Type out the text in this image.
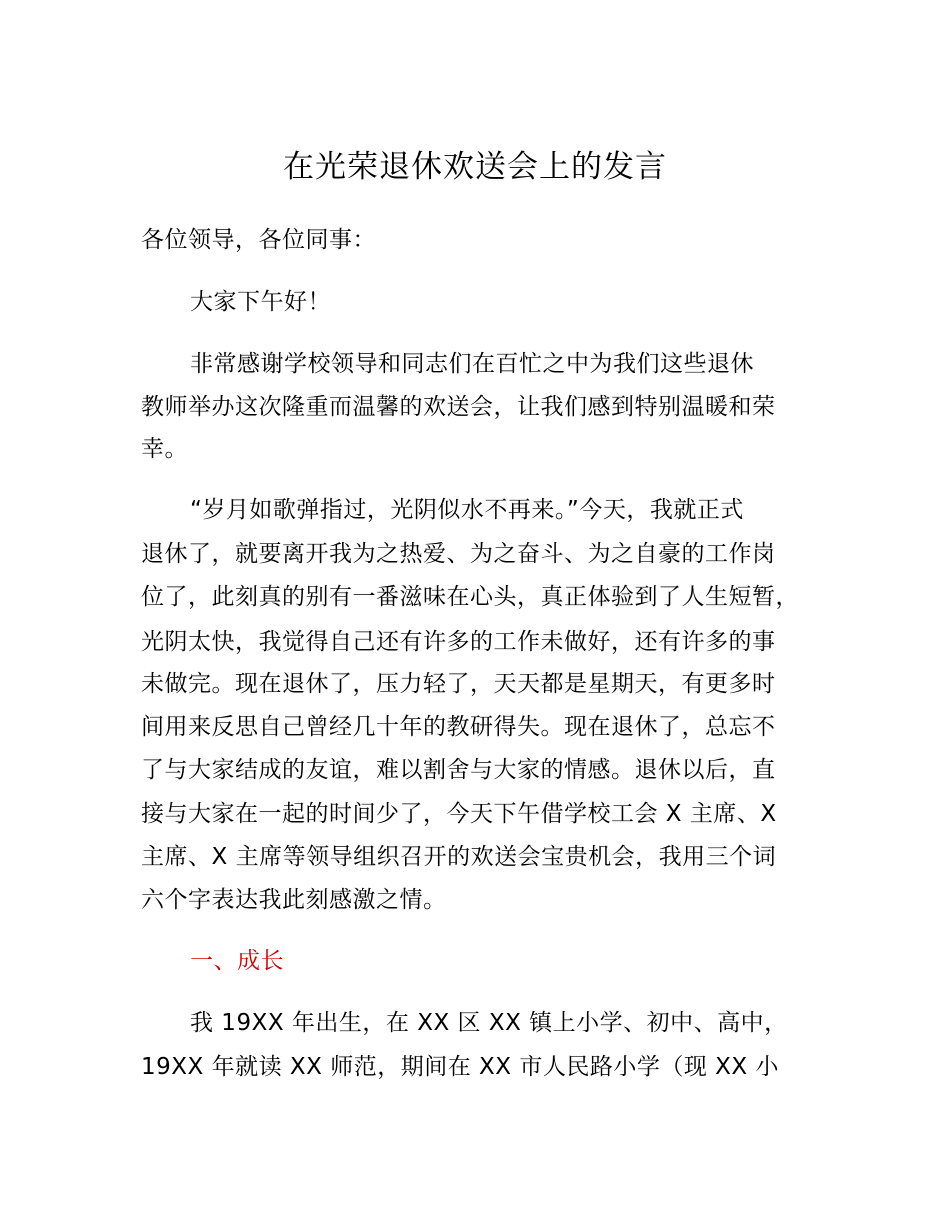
在光荣退休欢送会上的发言
各位领导，各位同事：
大家下午好！
非常感谢学校领导和同志们在百忙之中为我们这些退休
教师举办这次隆重而温馨的欢送会，让我们感到特别温暖和荣
幸。
“岁月如歌弹指过，光阴似水不再来。”今天，我就正式
退休了，就要离开我为之热爱、为之奋斗、为之自豪的工作岗
位了，此刻真的别有一番滋味在心头，真正体验到了人生短暂，
光阴太快，我觉得自己还有许多的工作未做好，还有许多的事
未做完。现在退休了，压力轻了，天天都是星期天，有更多时
间用来反思自己曾经几十年的教研得失。现在退休了，总忘不
了与大家结成的友谊，难以割舍与大家的情感。退休以后，直
接与大家在一起的时间少了，今天下午借学校工会 X 主席、X
主席、X 主席等领导组织召开的欢送会宝贵机会，我用三个词
六个字表达我此刻感激之情。
一、成长
我 19XX 年出生，在 XX 区 XX 镇上小学、初中、高中，
19XX 年就读 XX 师范，期间在 XX 市人民路小学（现 XX 小
